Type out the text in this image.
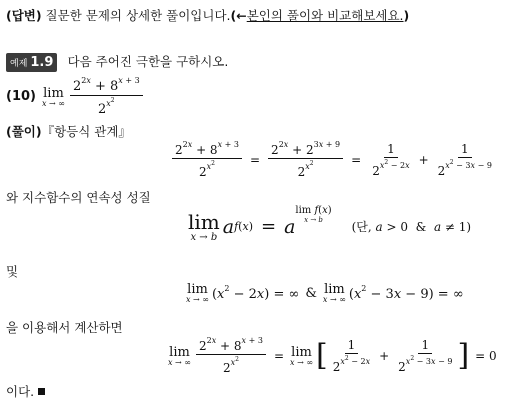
(답변) 질문한 문제의 상세한 풀이입니다.(←본인의 풀이와 비교해보세요.)
예제 1.9 다음 주어진 극한을 구하시오.
(10) lim
x → ∞ $\frac{2^{2x} + 8^{x + 3}}{2^{x^2}}$
(풀이)『항등식 관계』
$\frac{2^{2x} + 8^{x + 3}}{2^{x^2}} = \frac{2^{2x} + 2^{3x + 9}}{2^{x^2}} = \frac{1}{2^{x^2 - 2x}} + \frac{1}{2^{x^2 - 3x - 9}}$
와 지수함수의 연속성 성질
lim
x → b a f(x) = a
lim f(x)
x → b (단, a > 0  &  a ≠ 1)
및
lim
x → ∞ $(x^2 - 2x)$ = ∞ & lim
x → ∞ $(x^2 - 3x - 9)$ = ∞
을 이용해서 계산하면
lim
x → ∞ $\frac{2^{2x} + 8^{x + 3}}{2^{x^2}} = \lim$
x → ∞ [ $\frac{1}{2^{x^2 - 2x}} + \frac{1}{2^{x^2 - 3x - 9}}$ ] = 0
이다.
